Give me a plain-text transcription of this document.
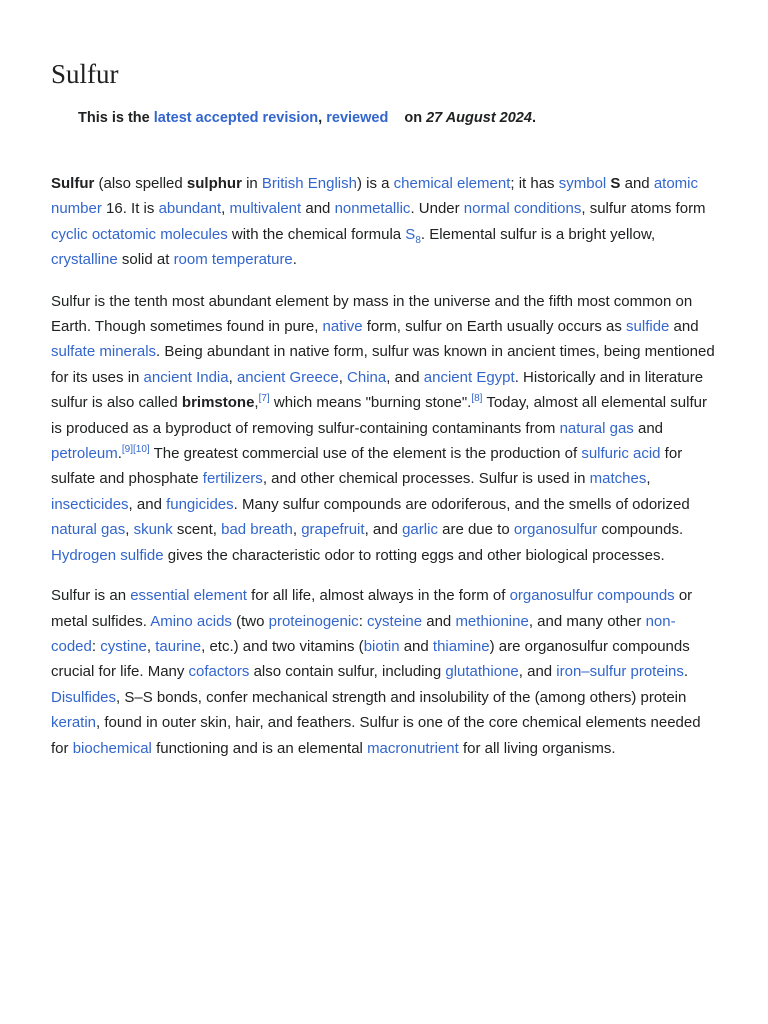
Sulfur
This is the latest accepted revision, reviewed on 27 August 2024.

Sulfur (also spelled sulphur in British English) is a chemical element; it has symbol S and atomic number 16. It is abundant, multivalent and nonmetallic. Under normal conditions, sulfur atoms form cyclic octatomic molecules with the chemical formula $S_8$. Elemental sulfur is a bright yellow, crystalline solid at room temperature.

Sulfur is the tenth most abundant element by mass in the universe and the fifth most common on Earth. Though sometimes found in pure, native form, sulfur on Earth usually occurs as sulfide and sulfate minerals. Being abundant in native form, sulfur was known in ancient times, being mentioned for its uses in ancient India, ancient Greece, China, and ancient Egypt. Historically and in literature sulfur is also called brimstone,[7] which means "burning stone".[8] Today, almost all elemental sulfur is produced as a byproduct of removing sulfur-containing contaminants from natural gas and petroleum.[9][10] The greatest commercial use of the element is the production of sulfuric acid for sulfate and phosphate fertilizers, and other chemical processes. Sulfur is used in matches, insecticides, and fungicides. Many sulfur compounds are odoriferous, and the smells of odorized natural gas, skunk scent, bad breath, grapefruit, and garlic are due to organosulfur compounds. Hydrogen sulfide gives the characteristic odor to rotting eggs and other biological processes.

Sulfur is an essential element for all life, almost always in the form of organosulfur compounds or metal sulfides. Amino acids (two proteinogenic: cysteine and methionine, and many other non-coded: cystine, taurine, etc.) and two vitamins (biotin and thiamine) are organosulfur compounds crucial for life. Many cofactors also contain sulfur, including glutathione, and iron–sulfur proteins. Disulfides, S–S bonds, confer mechanical strength and insolubility of the (among others) protein keratin, found in outer skin, hair, and feathers. Sulfur is one of the core chemical elements needed for biochemical functioning and is an elemental macronutrient for all living organisms.
